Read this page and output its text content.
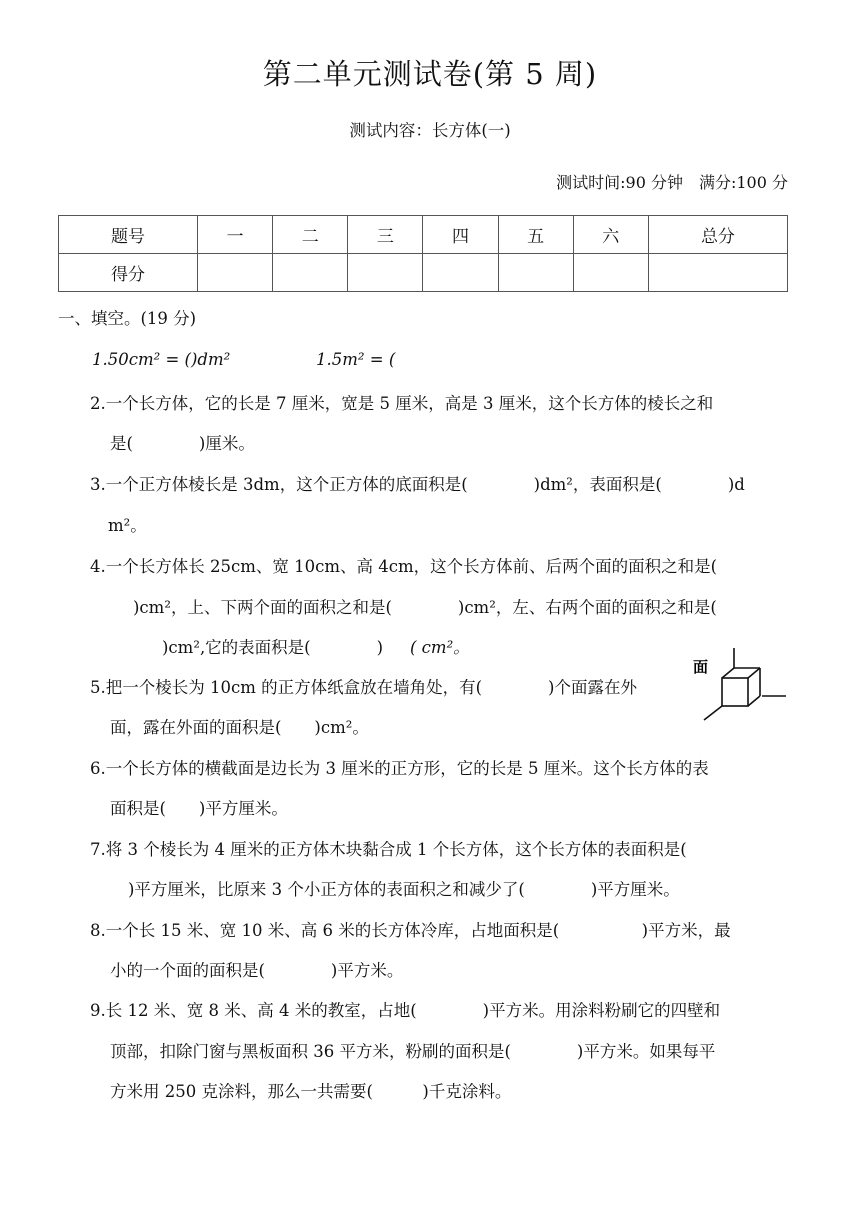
第二单元测试卷(第 5 周)
测试内容：长方体(一)
测试时间:90 分钟　满分:100 分
题号	一	二	三	四	五	六	总分
得分							
一、填空。(19 分)
1.50cm² = ()dm²	1.5m² = (
2.一个长方体，它的长是 7 厘米，宽是 5 厘米，高是 3 厘米，这个长方体的棱长之和
是(　　　　)厘米。
3.一个正方体棱长是 3dm，这个正方体的底面积是(　　　　)dm²，表面积是(　　　　)d
m²。
4.一个长方体长 25cm、宽 10cm、高 4cm，这个长方体前、后两个面的面积之和是(
)cm²，上、下两个面的面积之和是(　　　　)cm²，左、右两个面的面积之和是(
)cm²,它的表面积是(　　　　) ( cm²。
5.把一个棱长为 10cm 的正方体纸盒放在墙角处，有(　　　　)个面露在外
面，露在外面的面积是(　　)cm²。
面
6.一个长方体的横截面是边长为 3 厘米的正方形，它的长是 5 厘米。这个长方体的表
面积是(　　)平方厘米。
7.将 3 个棱长为 4 厘米的正方体木块黏合成 1 个长方体，这个长方体的表面积是(
)平方厘米，比原来 3 个小正方体的表面积之和减少了(　　　　)平方厘米。
8.一个长 15 米、宽 10 米、高 6 米的长方体冷库，占地面积是(　　　　　)平方米，最
小的一个面的面积是(　　　　)平方米。
9.长 12 米、宽 8 米、高 4 米的教室，占地(　　　　)平方米。用涂料粉刷它的四壁和
顶部，扣除门窗与黑板面积 36 平方米，粉刷的面积是(　　　　)平方米。如果每平
方米用 250 克涂料，那么一共需要(　　　)千克涂料。
